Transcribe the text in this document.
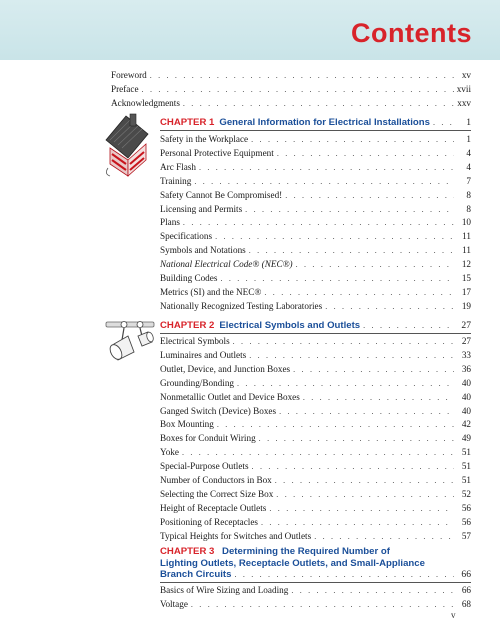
Contents
Foreword . . .	xv
Preface . . .	xvii
Acknowledgments . . .	xxv
CHAPTER 1 General Information for Electrical Installations . . .	1
Safety in the Workplace . . .	1
Personal Protective Equipment . . .	4
Arc Flash . . .	4
Training . . .	7
Safety Cannot Be Compromised! . . .	8
Licensing and Permits . . .	8
Plans . . .	10
Specifications . . .	11
Symbols and Notations . . .	11
National Electrical Code® (NEC®) . . .	12
Building Codes . . .	15
Metrics (SI) and the NEC® . . .	17
Nationally Recognized Testing Laboratories . . .	19
CHAPTER 2 Electrical Symbols and Outlets . . .	27
Electrical Symbols . . .	27
Luminaires and Outlets . . .	33
Outlet, Device, and Junction Boxes . . .	36
Grounding/Bonding . . .	40
Nonmetallic Outlet and Device Boxes . . .	40
Ganged Switch (Device) Boxes . . .	40
Box Mounting . . .	42
Boxes for Conduit Wiring . . .	49
Yoke . . .	51
Special-Purpose Outlets . . .	51
Number of Conductors in Box . . .	51
Selecting the Correct Size Box . . .	52
Height of Receptacle Outlets . . .	56
Positioning of Receptacles . . .	56
Typical Heights for Switches and Outlets . . .	57
CHAPTER 3 Determining the Required Number of
Lighting Outlets, Receptacle Outlets, and Small-Appliance
Branch Circuits . . .	66
Basics of Wire Sizing and Loading . . .	66
Voltage . . .	68
v
